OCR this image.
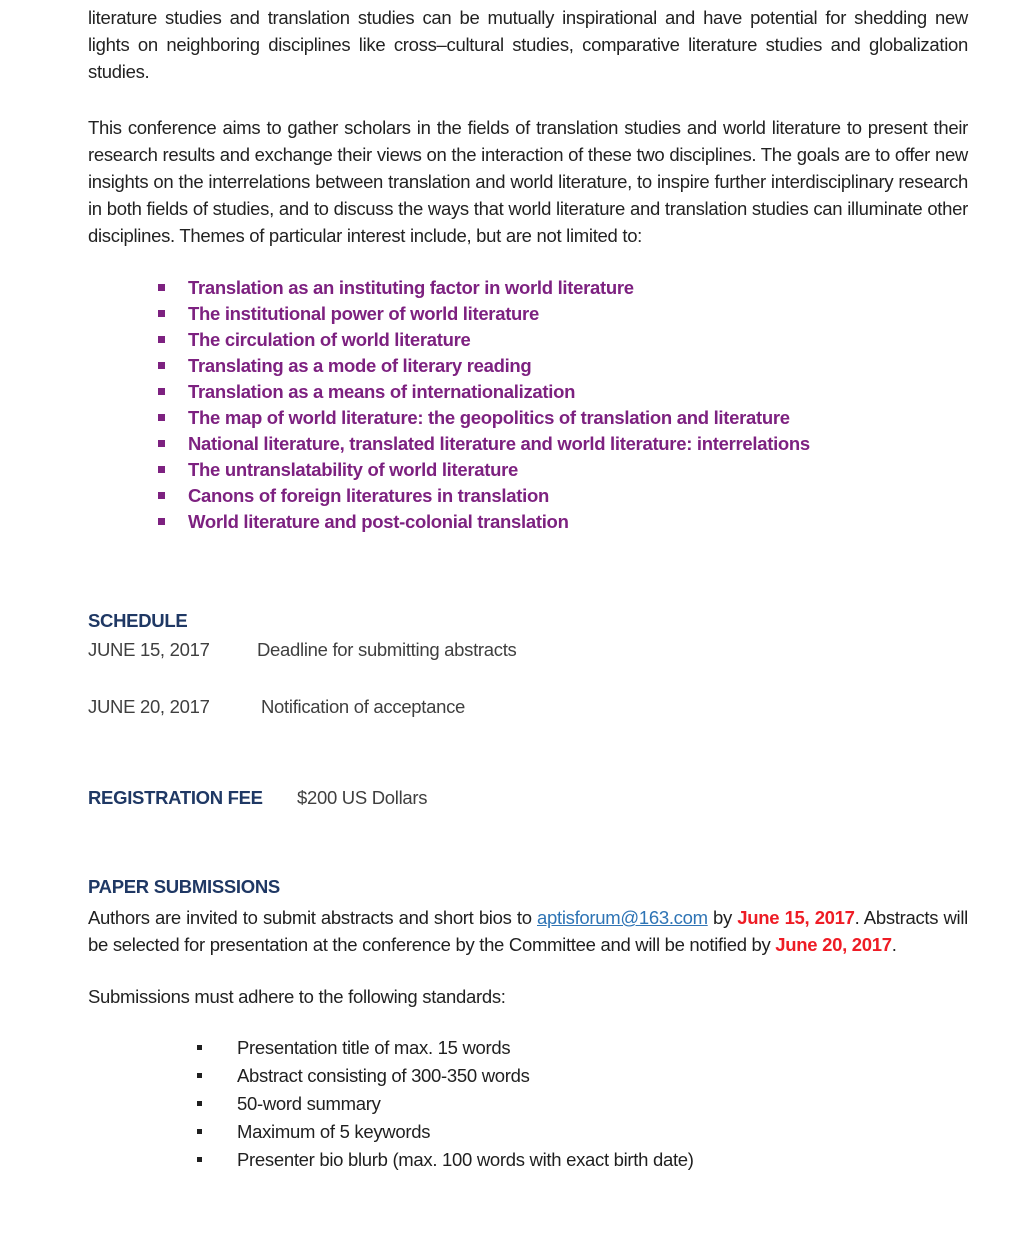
literature studies and translation studies can be mutually inspirational and have potential for shedding new lights on neighboring disciplines like cross–cultural studies, comparative literature studies and globalization studies.

This conference aims to gather scholars in the fields of translation studies and world literature to present their research results and exchange their views on the interaction of these two disciplines. The goals are to offer new insights on the interrelations between translation and world literature, to inspire further interdisciplinary research in both fields of studies, and to discuss the ways that world literature and translation studies can illuminate other disciplines. Themes of particular interest include, but are not limited to:

Translation as an instituting factor in world literature
The institutional power of world literature
The circulation of world literature
Translating as a mode of literary reading
Translation as a means of internationalization
The map of world literature: the geopolitics of translation and literature
National literature, translated literature and world literature: interrelations
The untranslatability of world literature
Canons of foreign literatures in translation
World literature and post-colonial translation
SCHEDULE
JUNE 15, 2017	Deadline for submitting abstracts
JUNE 20, 2017	Notification of acceptance
REGISTRATION FEE $200 US Dollars
PAPER SUBMISSIONS

Authors are invited to submit abstracts and short bios to aptisforum@163.com by June 15, 2017. Abstracts will be selected for presentation at the conference by the Committee and will be notified by June 20, 2017.

Submissions must adhere to the following standards:

Presentation title of max. 15 words
Abstract consisting of 300-350 words
50-word summary
Maximum of 5 keywords
Presenter bio blurb (max. 100 words with exact birth date)
